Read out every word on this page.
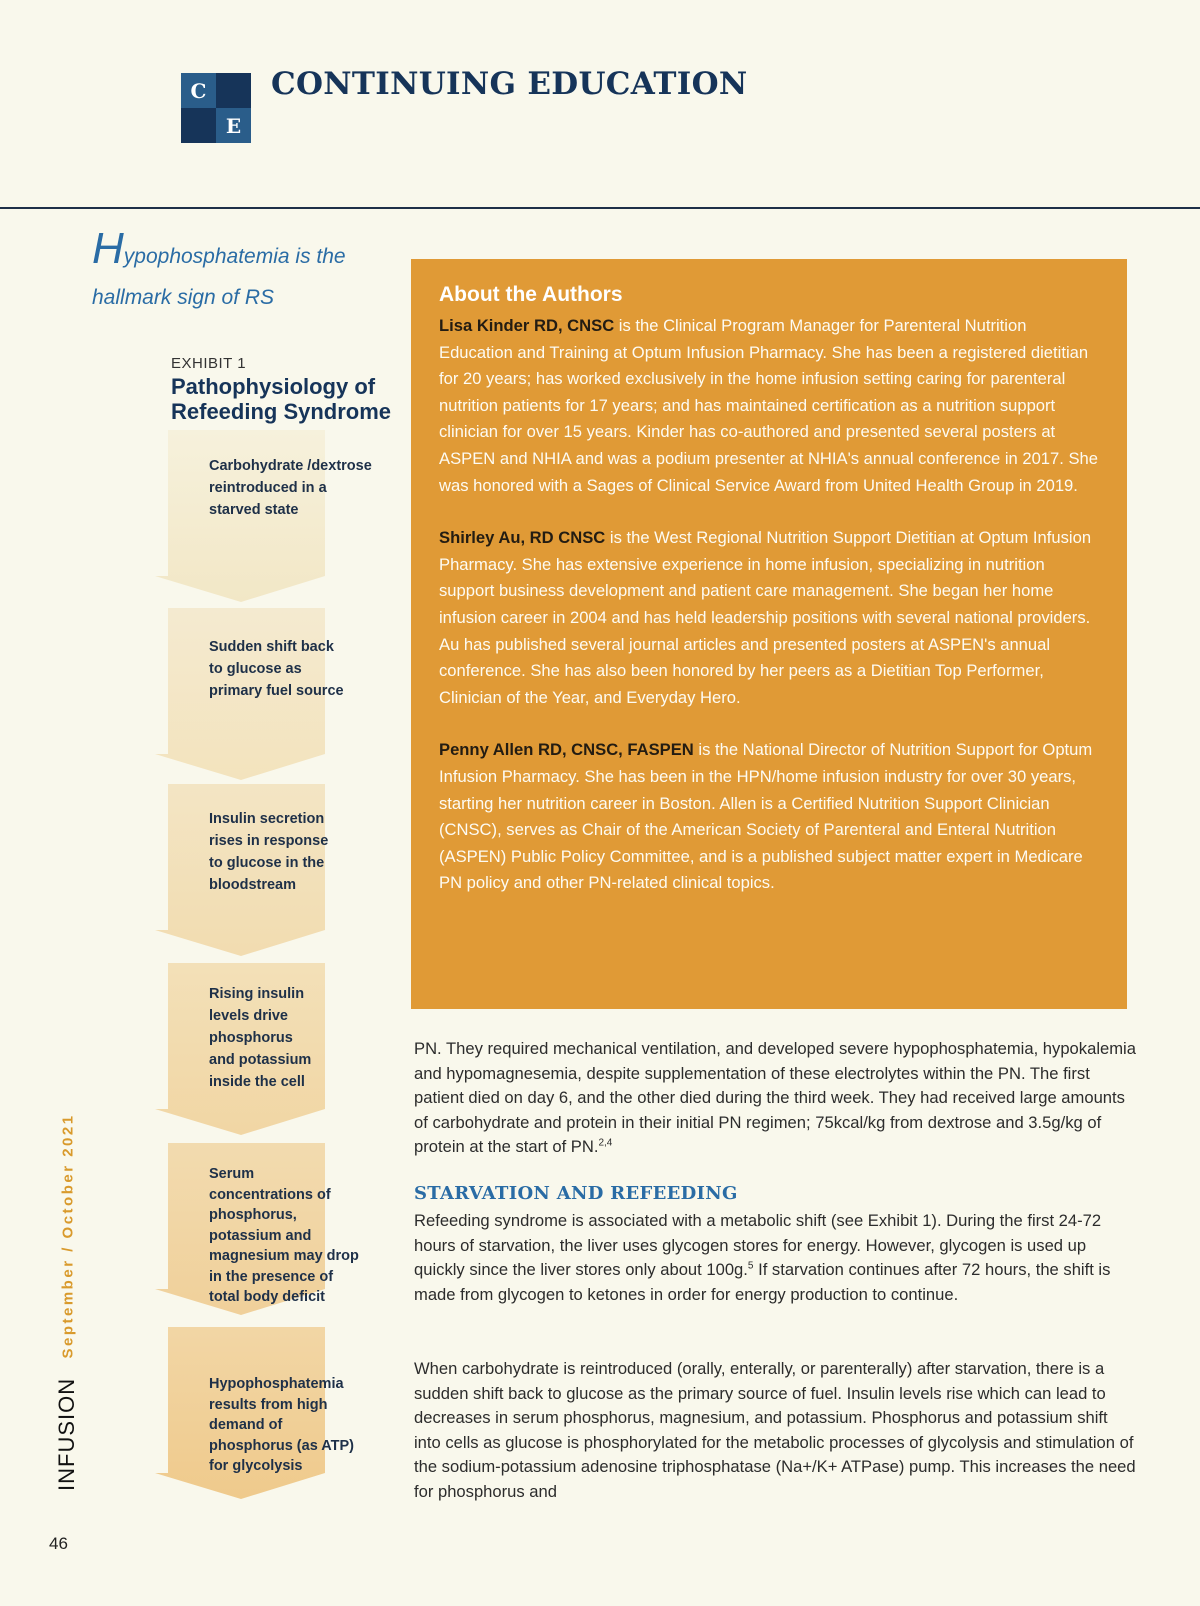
C
E
CONTINUING EDUCATION
Hypophosphatemia is the hallmark sign of RS
EXHIBIT 1
Pathophysiology of Refeeding Syndrome
Carbohydrate /dextrose reintroduced in a starved state
Sudden shift back to glucose as primary fuel source
Insulin secretion rises in response to glucose in the bloodstream
Rising insulin levels drive phosphorus and potassium inside the cell
Serum concentrations of phosphorus, potassium and magnesium may drop in the presence of total body deficit
Hypophosphatemia results from high demand of phosphorus (as ATP) for glycolysis
September / October 2021
INFUSION
46
About the Authors

Lisa Kinder RD, CNSC is the Clinical Program Manager for Parenteral Nutrition Education and Training at Optum Infusion Pharmacy. She has been a registered dietitian for 20 years; has worked exclusively in the home infusion setting caring for parenteral nutrition patients for 17 years; and has maintained certification as a nutrition support clinician for over 15 years. Kinder has co-authored and presented several posters at ASPEN and NHIA and was a podium presenter at NHIA's annual conference in 2017. She was honored with a Sages of Clinical Service Award from United Health Group in 2019.

Shirley Au, RD CNSC is the West Regional Nutrition Support Dietitian at Optum Infusion Pharmacy. She has extensive experience in home infusion, specializing in nutrition support business development and patient care management. She began her home infusion career in 2004 and has held leadership positions with several national providers. Au has published several journal articles and presented posters at ASPEN's annual conference. She has also been honored by her peers as a Dietitian Top Performer, Clinician of the Year, and Everyday Hero.

Penny Allen RD, CNSC, FASPEN is the National Director of Nutrition Support for Optum Infusion Pharmacy. She has been in the HPN/home infusion industry for over 30 years, starting her nutrition career in Boston. Allen is a Certified Nutrition Support Clinician (CNSC), serves as Chair of the American Society of Parenteral and Enteral Nutrition (ASPEN) Public Policy Committee, and is a published subject matter expert in Medicare PN policy and other PN-related clinical topics.

PN. They required mechanical ventilation, and developed severe hypophosphatemia, hypokalemia and hypomagnesemia, despite supplementation of these electrolytes within the PN. The first patient died on day 6, and the other died during the third week. They had received large amounts of carbohydrate and protein in their initial PN regimen; 75kcal/kg from dextrose and 3.5g/kg of protein at the start of PN.$^{2,4}$

STARVATION AND REFEEDING

Refeeding syndrome is associated with a metabolic shift (see Exhibit 1). During the first 24-72 hours of starvation, the liver uses glycogen stores for energy. However, glycogen is used up quickly since the liver stores only about 100g.$^5$ If starvation continues after 72 hours, the shift is made from glycogen to ketones in order for energy production to continue.

When carbohydrate is reintroduced (orally, enterally, or parenterally) after starvation, there is a sudden shift back to glucose as the primary source of fuel. Insulin levels rise which can lead to decreases in serum phosphorus, magnesium, and potassium. Phosphorus and potassium shift into cells as glucose is phosphorylated for the metabolic processes of glycolysis and stimulation of the sodium-potassium adenosine triphosphatase (Na+/K+ ATPase) pump. This increases the need for phosphorus and
